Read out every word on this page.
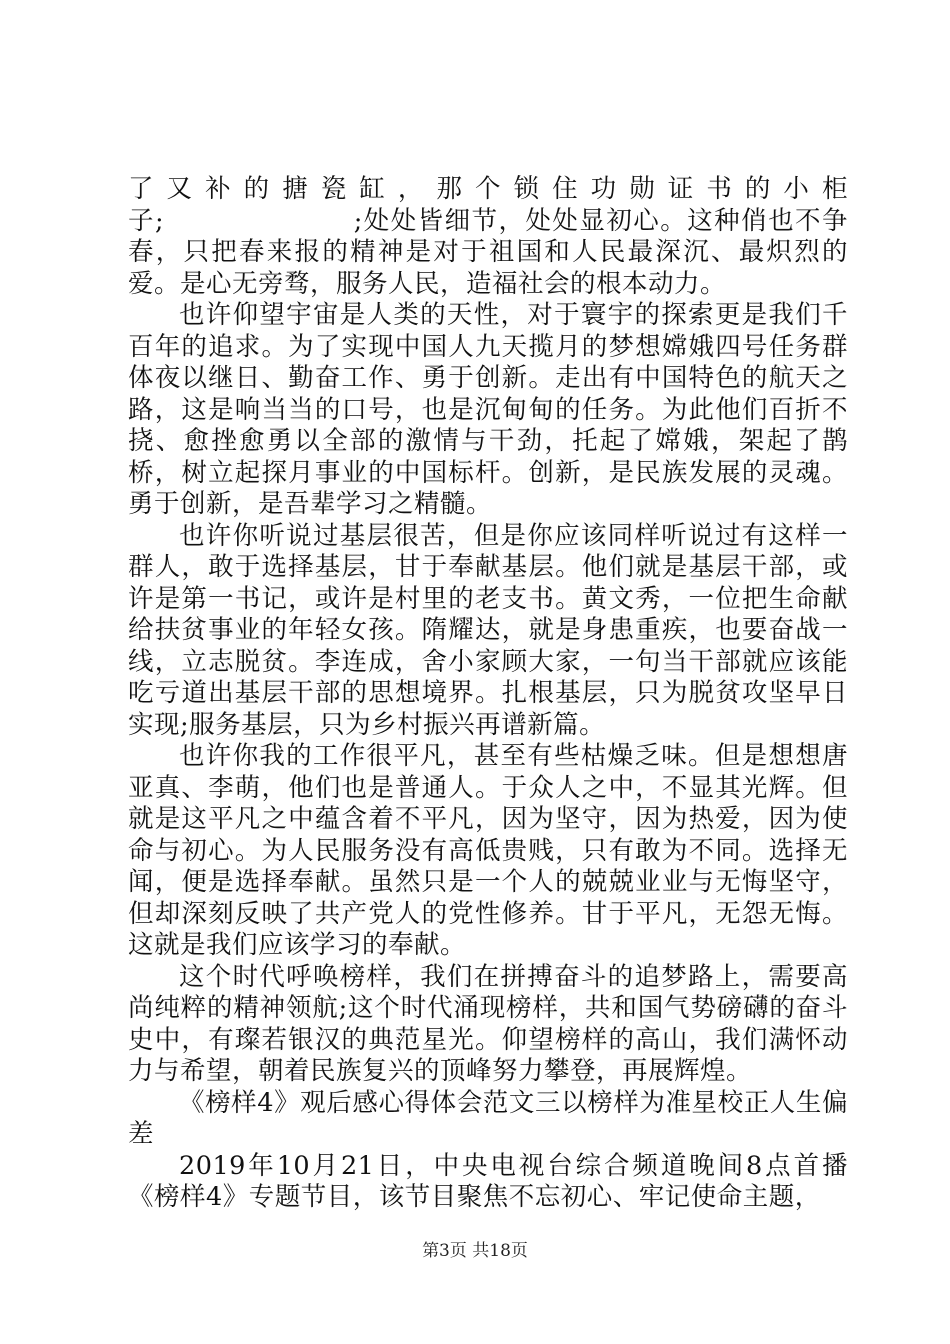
了又补的搪瓷缸，那个锁住功勋证书的小柜子;　　　　　　　;处处皆细节，处处显初心。这种俏也不争春，只把春来报的精神是对于祖国和人民最深沉、最炽烈的爱。是心无旁骛，服务人民，造福社会的根本动力。

也许仰望宇宙是人类的天性，对于寰宇的探索更是我们千百年的追求。为了实现中国人九天揽月的梦想嫦娥四号任务群体夜以继日、勤奋工作、勇于创新。走出有中国特色的航天之路，这是响当当的口号，也是沉甸甸的任务。为此他们百折不挠、愈挫愈勇以全部的激情与干劲，托起了嫦娥，架起了鹊桥，树立起探月事业的中国标杆。创新，是民族发展的灵魂。勇于创新，是吾辈学习之精髓。

也许你听说过基层很苦，但是你应该同样听说过有这样一群人，敢于选择基层，甘于奉献基层。他们就是基层干部，或许是第一书记，或许是村里的老支书。黄文秀，一位把生命献给扶贫事业的年轻女孩。隋耀达，就是身患重疾，也要奋战一线，立志脱贫。李连成，舍小家顾大家，一句当干部就应该能吃亏道出基层干部的思想境界。扎根基层，只为脱贫攻坚早日实现;服务基层，只为乡村振兴再谱新篇。

也许你我的工作很平凡，甚至有些枯燥乏味。但是想想唐亚真、李萌，他们也是普通人。于众人之中，不显其光辉。但就是这平凡之中蕴含着不平凡，因为坚守，因为热爱，因为使命与初心。为人民服务没有高低贵贱，只有敢为不同。选择无闻，便是选择奉献。虽然只是一个人的兢兢业业与无悔坚守，但却深刻反映了共产党人的党性修养。甘于平凡，无怨无悔。这就是我们应该学习的奉献。

这个时代呼唤榜样，我们在拼搏奋斗的追梦路上，需要高尚纯粹的精神领航;这个时代涌现榜样，共和国气势磅礴的奋斗史中，有璨若银汉的典范星光。仰望榜样的高山，我们满怀动力与希望，朝着民族复兴的顶峰努力攀登，再展辉煌。

《榜样4》观后感心得体会范文三以榜样为准星校正人生偏差

2019年10月21日，中央电视台综合频道晚间8点首播《榜样4》专题节目，该节目聚焦不忘初心、牢记使命主题，

第3页 共18页
